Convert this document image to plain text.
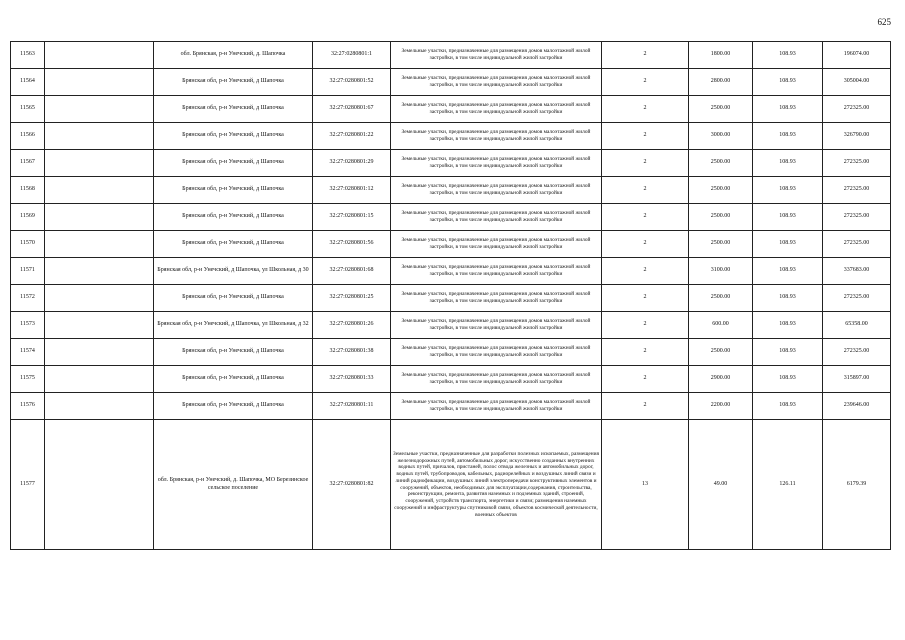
625
11563		обл. Брянская, р-н Унечский, д. Шапочка	32:27:0280801:1	Земельные участки, предназначенные для размещения домов малоэтажной жилой застройки, в том числе индивидуальной жилой застройки	2	1800.00	108.93	196074.00
11564		Брянская обл, р-н Унечский, д Шапочка	32:27:0280801:52	Земельные участки, предназначенные для размещения домов малоэтажной жилой застройки, в том числе индивидуальной жилой застройки	2	2800.00	108.93	305004.00
11565		Брянская обл, р-н Унечский, д Шапочка	32:27:0280801:67	Земельные участки, предназначенные для размещения домов малоэтажной жилой застройки, в том числе индивидуальной жилой застройки	2	2500.00	108.93	272325.00
11566		Брянская обл, р-н Унечский, д Шапочка	32:27:0280801:22	Земельные участки, предназначенные для размещения домов малоэтажной жилой застройки, в том числе индивидуальной жилой застройки	2	3000.00	108.93	326790.00
11567		Брянская обл, р-н Унечский, д Шапочка	32:27:0280801:29	Земельные участки, предназначенные для размещения домов малоэтажной жилой застройки, в том числе индивидуальной жилой застройки	2	2500.00	108.93	272325.00
11568		Брянская обл, р-н Унечский, д Шапочка	32:27:0280801:12	Земельные участки, предназначенные для размещения домов малоэтажной жилой застройки, в том числе индивидуальной жилой застройки	2	2500.00	108.93	272325.00
11569		Брянская обл, р-н Унечский, д Шапочка	32:27:0280801:15	Земельные участки, предназначенные для размещения домов малоэтажной жилой застройки, в том числе индивидуальной жилой застройки	2	2500.00	108.93	272325.00
11570		Брянская обл, р-н Унечский, д Шапочка	32:27:0280801:56	Земельные участки, предназначенные для размещения домов малоэтажной жилой застройки, в том числе индивидуальной жилой застройки	2	2500.00	108.93	272325.00
11571		Брянская обл, р-н Унечский, д Шапочка, ул Школьная, д 30	32:27:0280801:68	Земельные участки, предназначенные для размещения домов малоэтажной жилой застройки, в том числе индивидуальной жилой застройки	2	3100.00	108.93	337683.00
11572		Брянская обл, р-н Унечский, д Шапочка	32:27:0280801:25	Земельные участки, предназначенные для размещения домов малоэтажной жилой застройки, в том числе индивидуальной жилой застройки	2	2500.00	108.93	272325.00
11573		Брянская обл, р-н Унечский, д Шапочка, ул Школьная, д 32	32:27:0280801:26	Земельные участки, предназначенные для размещения домов малоэтажной жилой застройки, в том числе индивидуальной жилой застройки	2	600.00	108.93	65358.00
11574		Брянская обл, р-н Унечский, д Шапочка	32:27:0280801:38	Земельные участки, предназначенные для размещения домов малоэтажной жилой застройки, в том числе индивидуальной жилой застройки	2	2500.00	108.93	272325.00
11575		Брянская обл, р-н Унечский, д Шапочка	32:27:0280801:33	Земельные участки, предназначенные для размещения домов малоэтажной жилой застройки, в том числе индивидуальной жилой застройки	2	2900.00	108.93	315897.00
11576		Брянская обл, р-н Унечский, д Шапочка	32:27:0280801:11	Земельные участки, предназначенные для размещения домов малоэтажной жилой застройки, в том числе индивидуальной жилой застройки	2	2200.00	108.93	239646.00
11577		обл. Брянская, р-н Унечский, д. Шапочка, МО Березинское сельское поселение	32:27:0280801:82	Земельные участки, предназначенные для разработки полезных ископаемых, размещения железнодорожных путей, автомобильных дорог, искусственно созданных внутренних водных путей, причалов, пристаней, полос отвода железных и автомобильных дорог, водных путей, трубопроводов, кабельных, радиорелейных и воздушных линий связи и линий радиофикации, воздушных линий электропередачи конструктивных элементов и сооружений, объектов, необходимых для эксплуатации,содержания, строительства, реконструкции, ремонта, развития наземных и подземных зданий, строений, сооружений, устройств транспорта, энергетики и связи; размещения наземных сооружений и инфраструктуры спутниковой связи, объектов космической деятельности, военных объектов	13	49.00	126.11	6179.39
